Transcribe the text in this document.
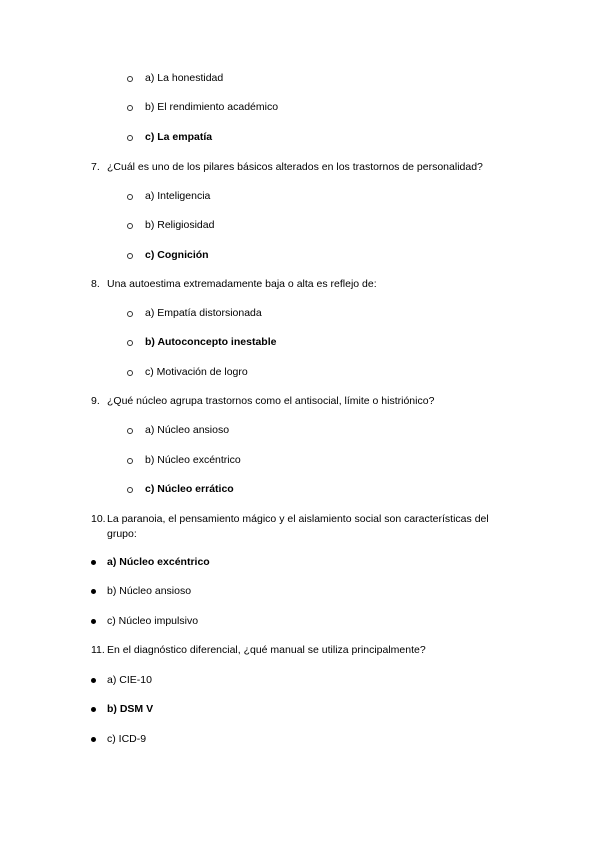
a) La honestidad
b) El rendimiento académico
c) La empatía
7. ¿Cuál es uno de los pilares básicos alterados en los trastornos de personalidad?
a) Inteligencia
b) Religiosidad
c) Cognición
8. Una autoestima extremadamente baja o alta es reflejo de:
a) Empatía distorsionada
b) Autoconcepto inestable
c) Motivación de logro
9. ¿Qué núcleo agrupa trastornos como el antisocial, límite o histriónico?
a) Núcleo ansioso
b) Núcleo excéntrico
c) Núcleo errático
10. La paranoia, el pensamiento mágico y el aislamiento social son características del grupo:
a) Núcleo excéntrico
b) Núcleo ansioso
c) Núcleo impulsivo
11. En el diagnóstico diferencial, ¿qué manual se utiliza principalmente?
a) CIE-10
b) DSM V
c) ICD-9
